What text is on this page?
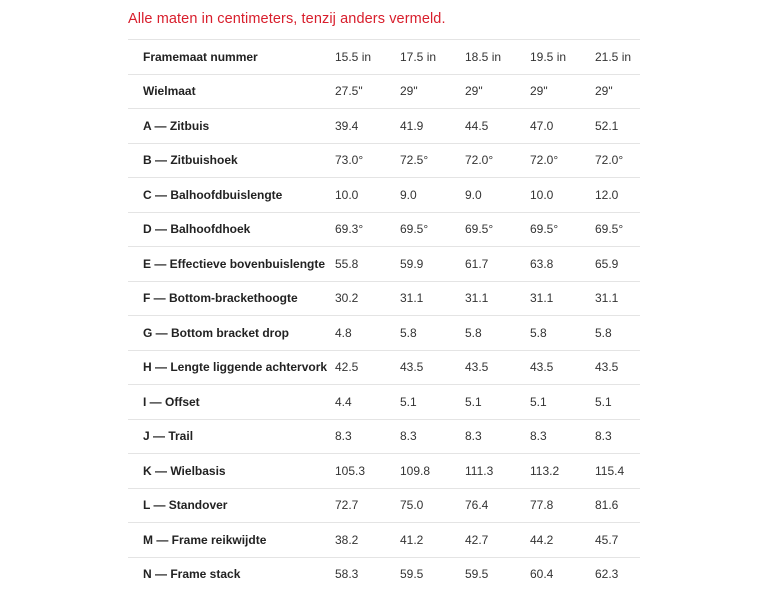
Alle maten in centimeters, tenzij anders vermeld.
Framemaat nummer	15.5 in	17.5 in	18.5 in	19.5 in	21.5 in
Wielmaat	27.5"	29"	29"	29"	29"
A — Zitbuis	39.4	41.9	44.5	47.0	52.1
B — Zitbuishoek	73.0°	72.5°	72.0°	72.0°	72.0°
C — Balhoofdbuislengte	10.0	9.0	9.0	10.0	12.0
D — Balhoofdhoek	69.3°	69.5°	69.5°	69.5°	69.5°
E — Effectieve bovenbuislengte	55.8	59.9	61.7	63.8	65.9
F — Bottom-brackethoogte	30.2	31.1	31.1	31.1	31.1
G — Bottom bracket drop	4.8	5.8	5.8	5.8	5.8
H — Lengte liggende achtervork	42.5	43.5	43.5	43.5	43.5
I — Offset	4.4	5.1	5.1	5.1	5.1
J — Trail	8.3	8.3	8.3	8.3	8.3
K — Wielbasis	105.3	109.8	111.3	113.2	115.4
L — Standover	72.7	75.0	76.4	77.8	81.6
M — Frame reikwijdte	38.2	41.2	42.7	44.2	45.7
N — Frame stack	58.3	59.5	59.5	60.4	62.3
